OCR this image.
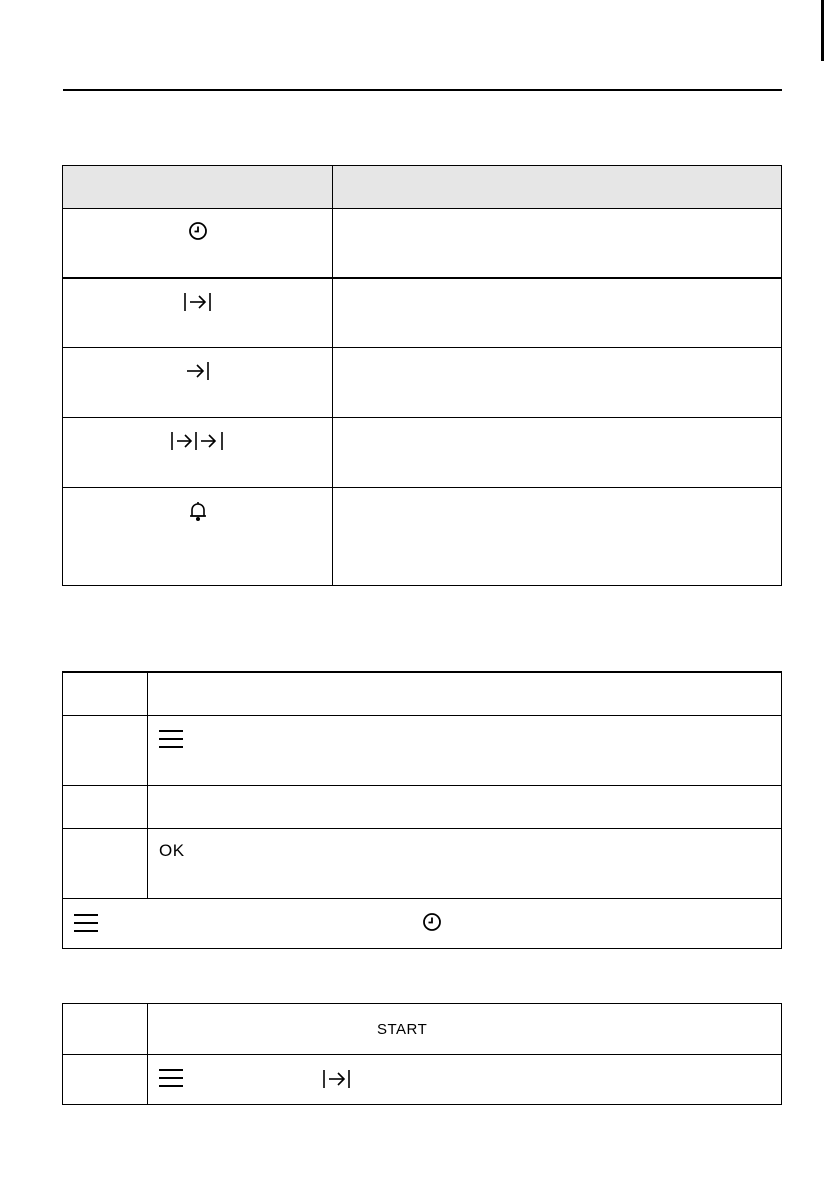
	OK

	START
